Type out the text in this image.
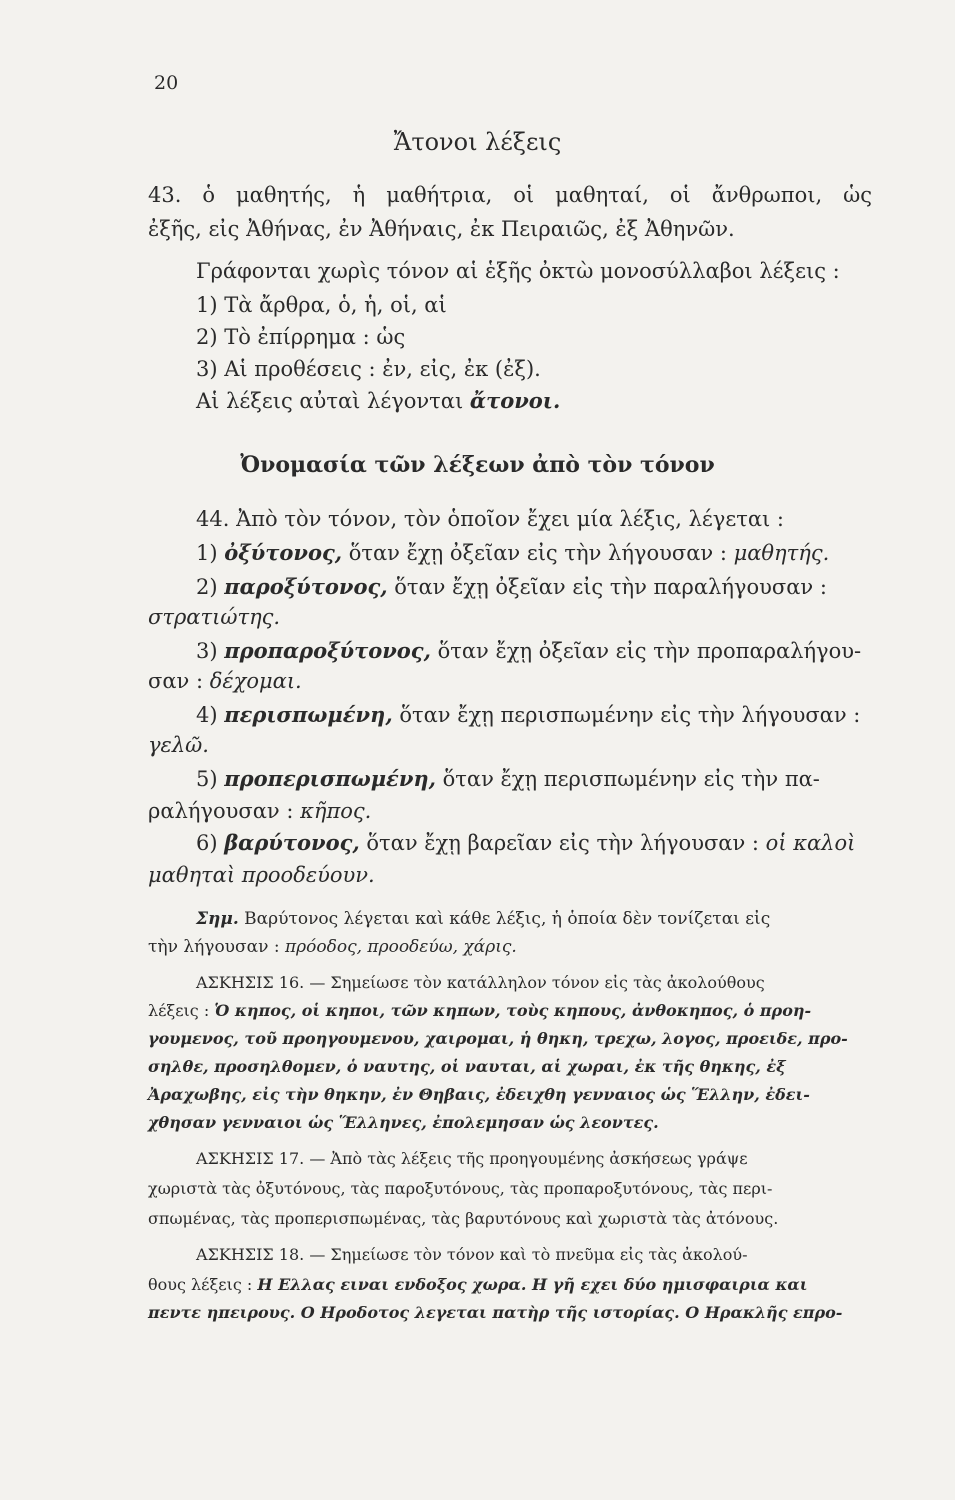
20
Ἄτονοι λέξεις
43. ὁ μαθητής, ἡ μαθήτρια, οἱ μαθηταί, οἱ ἄνθρωποι, ὡς
ἐξῆς, εἰς Ἀθήνας, ἐν Ἀθήναις, ἐκ Πειραιῶς, ἐξ Ἀθηνῶν.
Γράφονται χωρὶς τόνον αἱ ἑξῆς ὀκτὼ μονοσύλλαβοι λέξεις :
1) Τὰ ἄρθρα, ὁ, ἡ, οἱ, αἱ
2) Τὸ ἐπίρρημα : ὡς
3) Αἱ προθέσεις : ἐν, εἰς, ἐκ (ἐξ).
Αἱ λέξεις αὐταὶ λέγονται ἄτονοι.
Ὀνομασία τῶν λέξεων ἀπὸ τὸν τόνον
44. Ἀπὸ τὸν τόνον, τὸν ὁποῖον ἔχει μία λέξις, λέγεται :
1) ὀξύτονος, ὅταν ἔχῃ ὀξεῖαν εἰς τὴν λήγουσαν : μαθητής.
2) παροξύτονος, ὅταν ἔχῃ ὀξεῖαν εἰς τὴν παραλήγουσαν :
στρατιώτης.
3) προπαροξύτονος, ὅταν ἔχῃ ὀξεῖαν εἰς τὴν προπαραλήγου-
σαν : δέχομαι.
4) περισπωμένη, ὅταν ἔχῃ περισπωμένην εἰς τὴν λήγουσαν :
γελῶ.
5) προπερισπωμένη, ὅταν ἔχῃ περισπωμένην εἰς τὴν πα-
ραλήγουσαν : κῆπος.
6) βαρύτονος, ὅταν ἔχῃ βαρεῖαν εἰς τὴν λήγουσαν : οἱ καλοὶ
μαθηταὶ προοδεύουν.
Σημ. Βαρύτονος λέγεται καὶ κάθε λέξις, ἡ ὁποία δὲν τονίζεται εἰς
τὴν λήγουσαν : πρόοδος, προοδεύω, χάρις.
ΑΣΚΗΣΙΣ 16. — Σημείωσε τὸν κατάλληλον τόνον εἰς τὰς ἀκολούθους
λέξεις : Ὁ κηπος, οἱ κηποι, τῶν κηπων, τοὺς κηπους, ἀνθοκηπος, ὁ προη-
γουμενος, τοῦ προηγουμενου, χαιρομαι, ἡ θηκη, τρεχω, λογος, προειδε, προ-
σηλθε, προσηλθομεν, ὁ ναυτης, οἱ ναυται, αἱ χωραι, ἐκ τῆς θηκης, ἐξ
Ἀραχωβης, εἰς τὴν θηκην, ἐν Θηβαις, ἐδειχθη γενναιος ὡς Ἕλλην, ἐδει-
χθησαν γενναιοι ὡς Ἕλληνες, ἐπολεμησαν ὡς λεοντες.
ΑΣΚΗΣΙΣ 17. — Ἀπὸ τὰς λέξεις τῆς προηγουμένης ἀσκήσεως γράψε
χωριστὰ τὰς ὀξυτόνους, τὰς παροξυτόνους, τὰς προπαροξυτόνους, τὰς περι-
σπωμένας, τὰς προπερισπωμένας, τὰς βαρυτόνους καὶ χωριστὰ τὰς ἀτόνους.
ΑΣΚΗΣΙΣ 18. — Σημείωσε τὸν τόνον καὶ τὸ πνεῦμα εἰς τὰς ἀκολού-
θους λέξεις : Η Ελλας ειναι ενδοξος χωρα. Η γῆ εχει δύο ημισφαιρια και
πεντε ηπειρους. Ο Ηροδοτος λεγεται πατὴρ τῆς ιστορίας. Ο Ηρακλῆς επρο-
